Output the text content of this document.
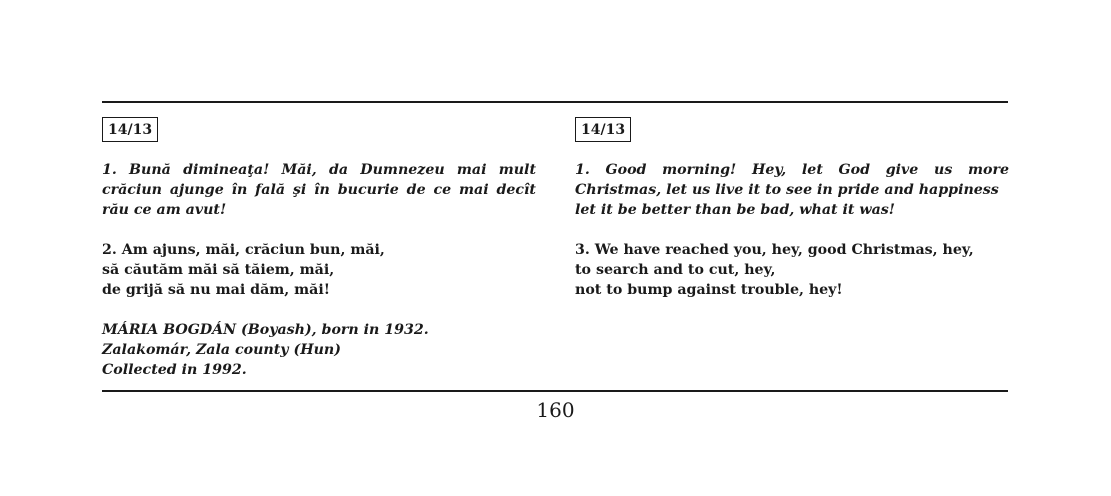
14/13

1. Bună dimineaţa! Măi, da Dumnezeu mai mult crăciun ajunge în fală şi în bucurie de ce mai decît rău ce am avut!

2. Am ajuns, măi, crăciun bun, măi,
să căutăm măi să tăiem, măi,
de grijă să nu mai dăm, măi!

MÁRIA BOGDÁN (Boyash), born in 1932.
Zalakomár, Zala county (Hun)
Collected in 1992.
14/13

1. Good morning! Hey, let God give us more
Christmas, let us live it to see in pride and happiness
let it be better than be bad, what it was!

3. We have reached you, hey, good Christmas, hey,
to search and to cut, hey,
not to bump against trouble, hey!

160
